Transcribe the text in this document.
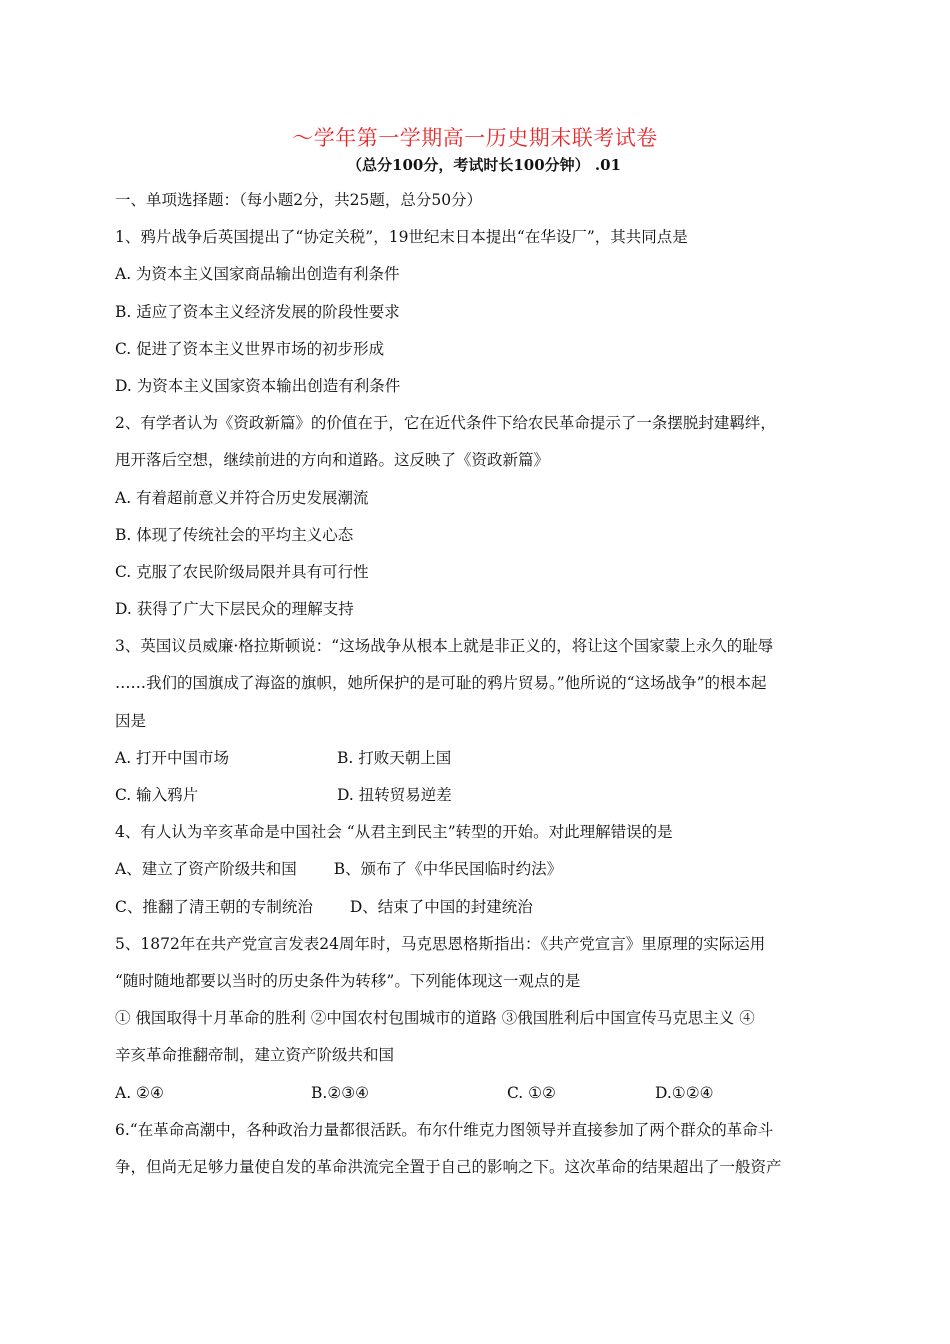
～学年第一学期高一历史期末联考试卷
（总分100分，考试时长100分钟） .01
一、单项选择题：（每小题2分，共25题，总分50分）
1、鸦片战争后英国提出了“协定关税”，19世纪末日本提出“在华设厂”，其共同点是
A. 为资本主义国家商品输出创造有利条件
B. 适应了资本主义经济发展的阶段性要求
C. 促进了资本主义世界市场的初步形成
D. 为资本主义国家资本输出创造有利条件
2、有学者认为《资政新篇》的价值在于，它在近代条件下给农民革命提示了一条摆脱封建羁绊，
甩开落后空想，继续前进的方向和道路。这反映了《资政新篇》
A. 有着超前意义并符合历史发展潮流
B. 体现了传统社会的平均主义心态
C. 克服了农民阶级局限并具有可行性
D. 获得了广大下层民众的理解支持
3、英国议员威廉·格拉斯顿说：“这场战争从根本上就是非正义的，将让这个国家蒙上永久的耻辱
……我们的国旗成了海盗的旗帜，她所保护的是可耻的鸦片贸易。”他所说的“这场战争”的根本起
因是
A. 打开中国市场	B. 打败天朝上国
C. 输入鸦片	D. 扭转贸易逆差
4、有人认为辛亥革命是中国社会 “从君主到民主”转型的开始。对此理解错误的是
A、建立了资产阶级共和国 B、颁布了《中华民国临时约法》
C、推翻了清王朝的专制统治 D、结束了中国的封建统治
5、1872年在共产党宣言发表24周年时，马克思恩格斯指出：《共产党宣言》里原理的实际运用
“随时随地都要以当时的历史条件为转移”。下列能体现这一观点的是
① 俄国取得十月革命的胜利 ②中国农村包围城市的道路 ③俄国胜利后中国宣传马克思主义 ④
辛亥革命推翻帝制，建立资产阶级共和国
A. ②④	B.②③④	C. ①②	D.①②④
6.“在革命高潮中，各种政治力量都很活跃。布尔什维克力图领导并直接参加了两个群众的革命斗
争，但尚无足够力量使自发的革命洪流完全置于自己的影响之下。这次革命的结果超出了一般资产
